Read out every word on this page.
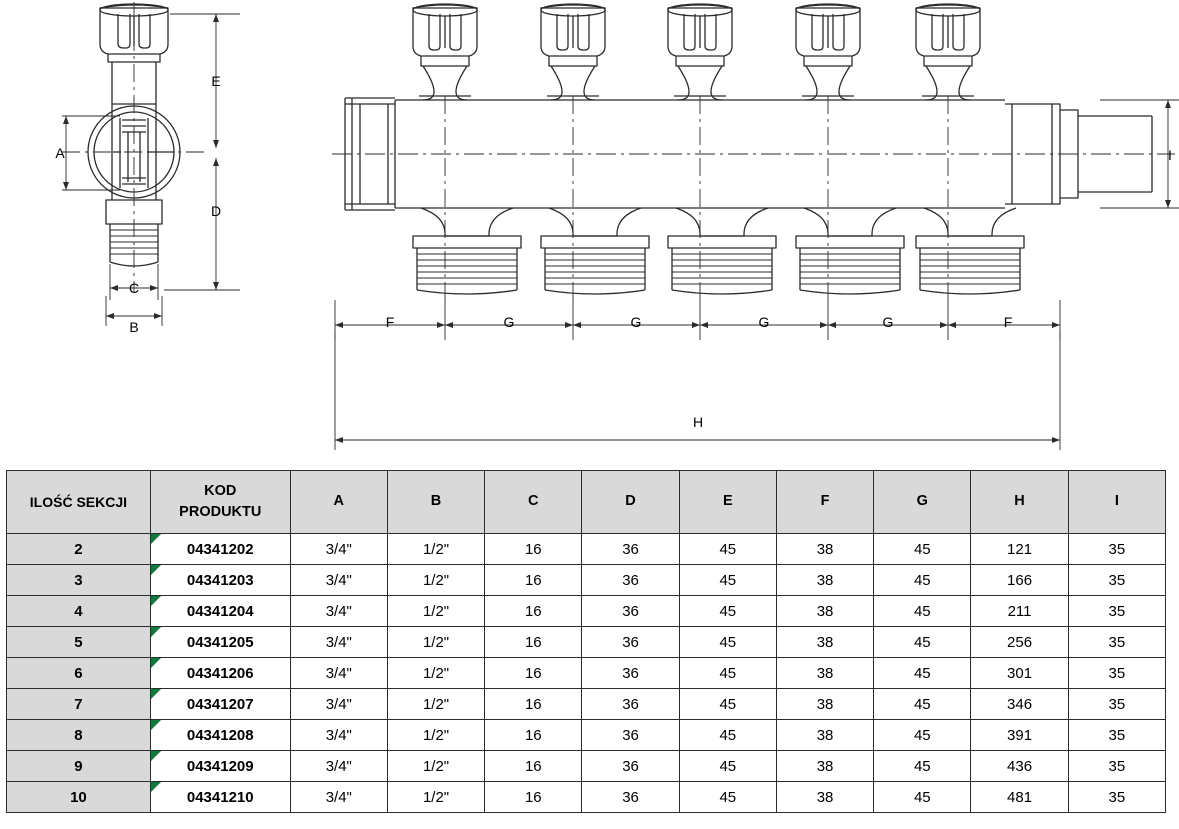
A
B
C
D
E
F	G	G	G	G	F
H
I
ILOŚĆ SEKCJI	KOD
PRODUKTU	A	B	C	D	E	F	G	H	I
2	04341202	3/4"	1/2"	16	36	45	38	45	121	35
3	04341203	3/4"	1/2"	16	36	45	38	45	166	35
4	04341204	3/4"	1/2"	16	36	45	38	45	211	35
5	04341205	3/4"	1/2"	16	36	45	38	45	256	35
6	04341206	3/4"	1/2"	16	36	45	38	45	301	35
7	04341207	3/4"	1/2"	16	36	45	38	45	346	35
8	04341208	3/4"	1/2"	16	36	45	38	45	391	35
9	04341209	3/4"	1/2"	16	36	45	38	45	436	35
10	04341210	3/4"	1/2"	16	36	45	38	45	481	35
